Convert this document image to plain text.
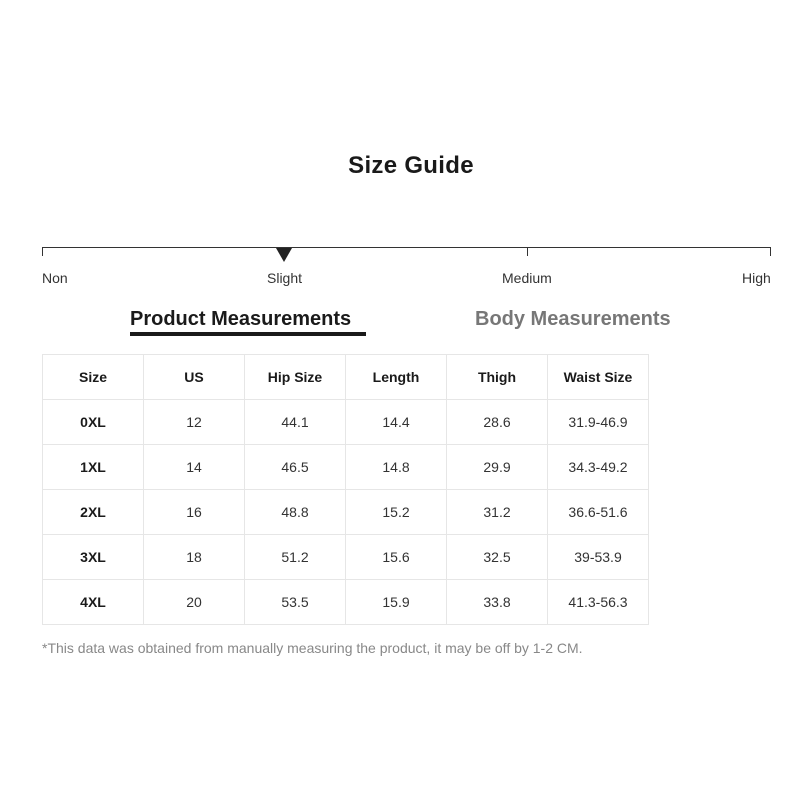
Size Guide
Non	Slight	Medium	High
Product Measurements	Body Measurements
Size	US	Hip Size	Length	Thigh	Waist Size
0XL	12	44.1	14.4	28.6	31.9-46.9
1XL	14	46.5	14.8	29.9	34.3-49.2
2XL	16	48.8	15.2	31.2	36.6-51.6
3XL	18	51.2	15.6	32.5	39-53.9
4XL	20	53.5	15.9	33.8	41.3-56.3
*This data was obtained from manually measuring the product, it may be off by 1-2 CM.
